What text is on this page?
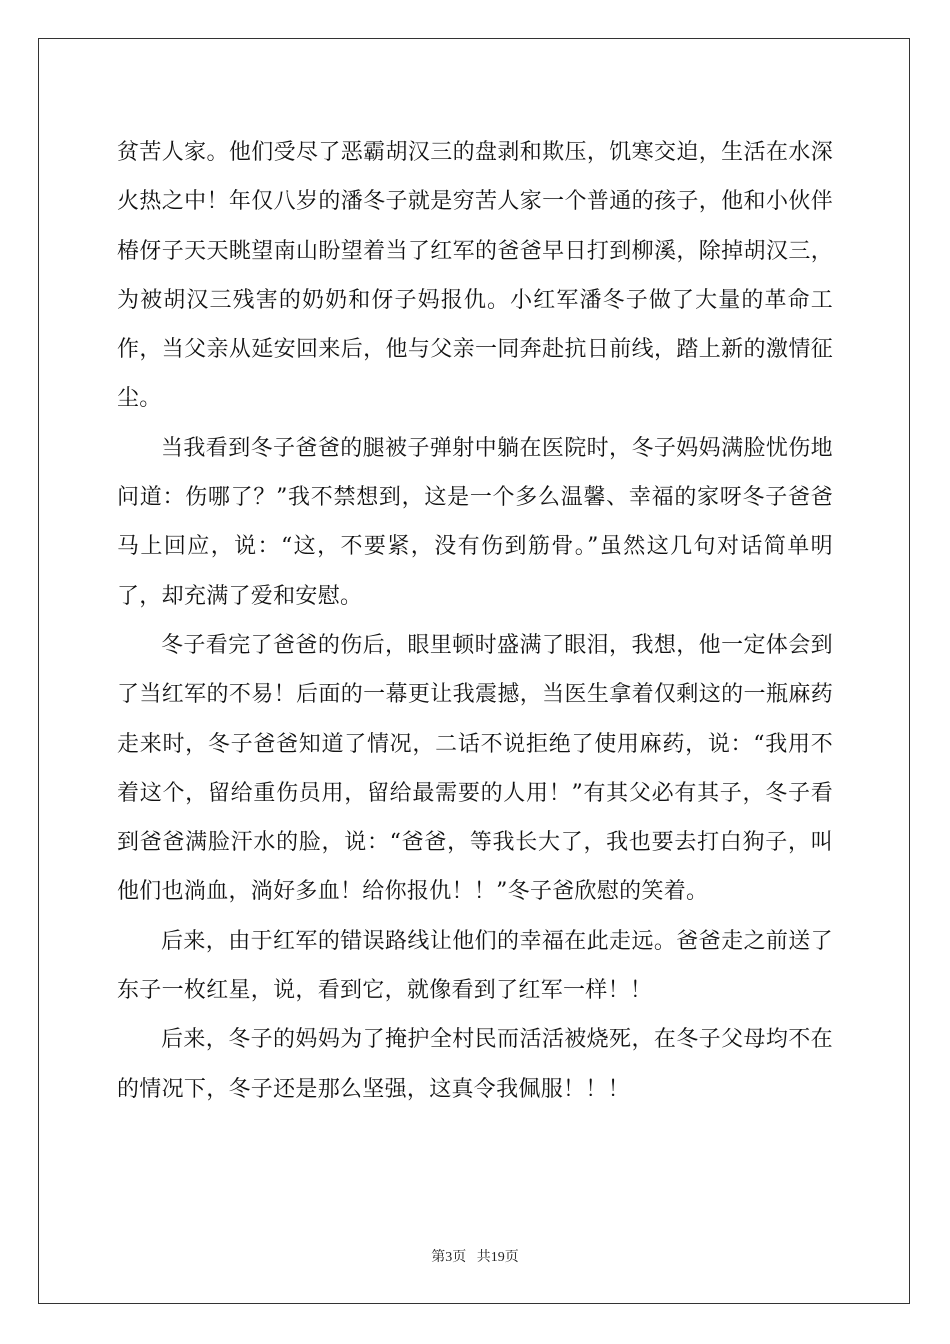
贫苦人家。他们受尽了恶霸胡汉三的盘剥和欺压，饥寒交迫，生活在水深火热之中！年仅八岁的潘冬子就是穷苦人家一个普通的孩子，他和小伙伴椿伢子天天眺望南山盼望着当了红军的爸爸早日打到柳溪，除掉胡汉三，为被胡汉三残害的奶奶和伢子妈报仇。小红军潘冬子做了大量的革命工作，当父亲从延安回来后，他与父亲一同奔赴抗日前线，踏上新的激情征尘。

当我看到冬子爸爸的腿被子弹射中躺在医院时，冬子妈妈满脸忧伤地问道：伤哪了？”我不禁想到，这是一个多么温馨、幸福的家呀冬子爸爸马上回应，说：“这，不要紧，没有伤到筋骨。”虽然这几句对话简单明了，却充满了爱和安慰。

冬子看完了爸爸的伤后，眼里顿时盛满了眼泪，我想，他一定体会到了当红军的不易！后面的一幕更让我震撼，当医生拿着仅剩这的一瓶麻药走来时，冬子爸爸知道了情况，二话不说拒绝了使用麻药，说：“我用不着这个，留给重伤员用，留给最需要的人用！”有其父必有其子，冬子看到爸爸满脸汗水的脸，说：“爸爸，等我长大了，我也要去打白狗子，叫他们也淌血，淌好多血！给你报仇！！”冬子爸欣慰的笑着。

后来，由于红军的错误路线让他们的幸福在此走远。爸爸走之前送了东子一枚红星，说，看到它，就像看到了红军一样！！

后来，冬子的妈妈为了掩护全村民而活活被烧死，在冬子父母均不在的情况下，冬子还是那么坚强，这真令我佩服！！！

第3页 共19页
